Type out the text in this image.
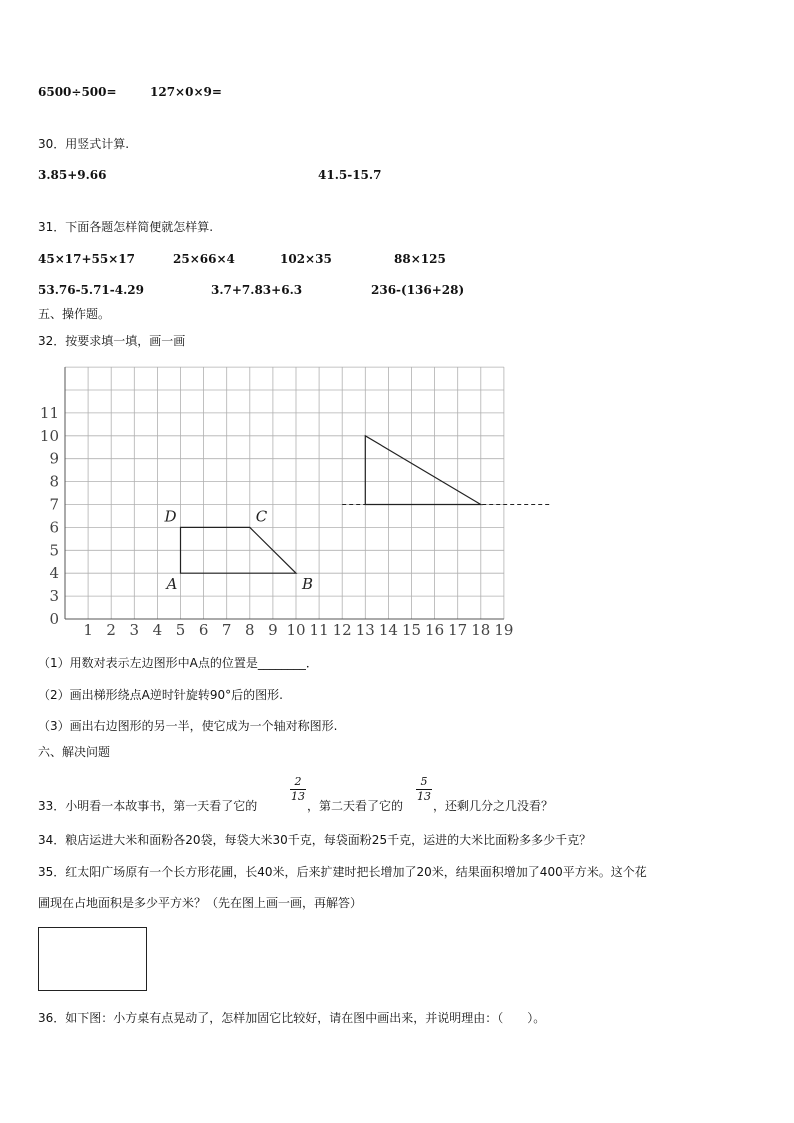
6500÷500=	127×0×9=
30．用竖式计算.
3.85+9.66	41.5-15.7
31．下面各题怎样简便就怎样算.
45×17+55×17	25×66×4	102×35	88×125
53.76-5.71-4.29	3.7+7.83+6.3	236-(136+28)
五、操作题。
32．按要求填一填，画一画
1 2 3 4 5 6 7 8 9 10 11 12 13 14 15 16 17 18 19
0
3
4
5
6
7
8
9
10
11
A	B
C
D
（1）用数对表示左边图形中A点的位置是________．
（2）画出梯形绕点A逆时针旋转90°后的图形.
（3）画出右边图形的另一半，使它成为一个轴对称图形.
六、解决问题
33．小明看一本故事书，第一天看了它的
2
13
，第二天看了它的
5
13
，还剩几分之几没看？
34．粮店运进大米和面粉各20袋，每袋大米30千克，每袋面粉25千克，运进的大米比面粉多多少千克？
35．红太阳广场原有一个长方形花圃，长40米，后来扩建时把长增加了20米，结果面积增加了400平方米。这个花
圃现在占地面积是多少平方米？（先在图上画一画，再解答）
36．如下图：小方桌有点晃动了，怎样加固它比较好，请在图中画出来，并说明理由：（　　）。
